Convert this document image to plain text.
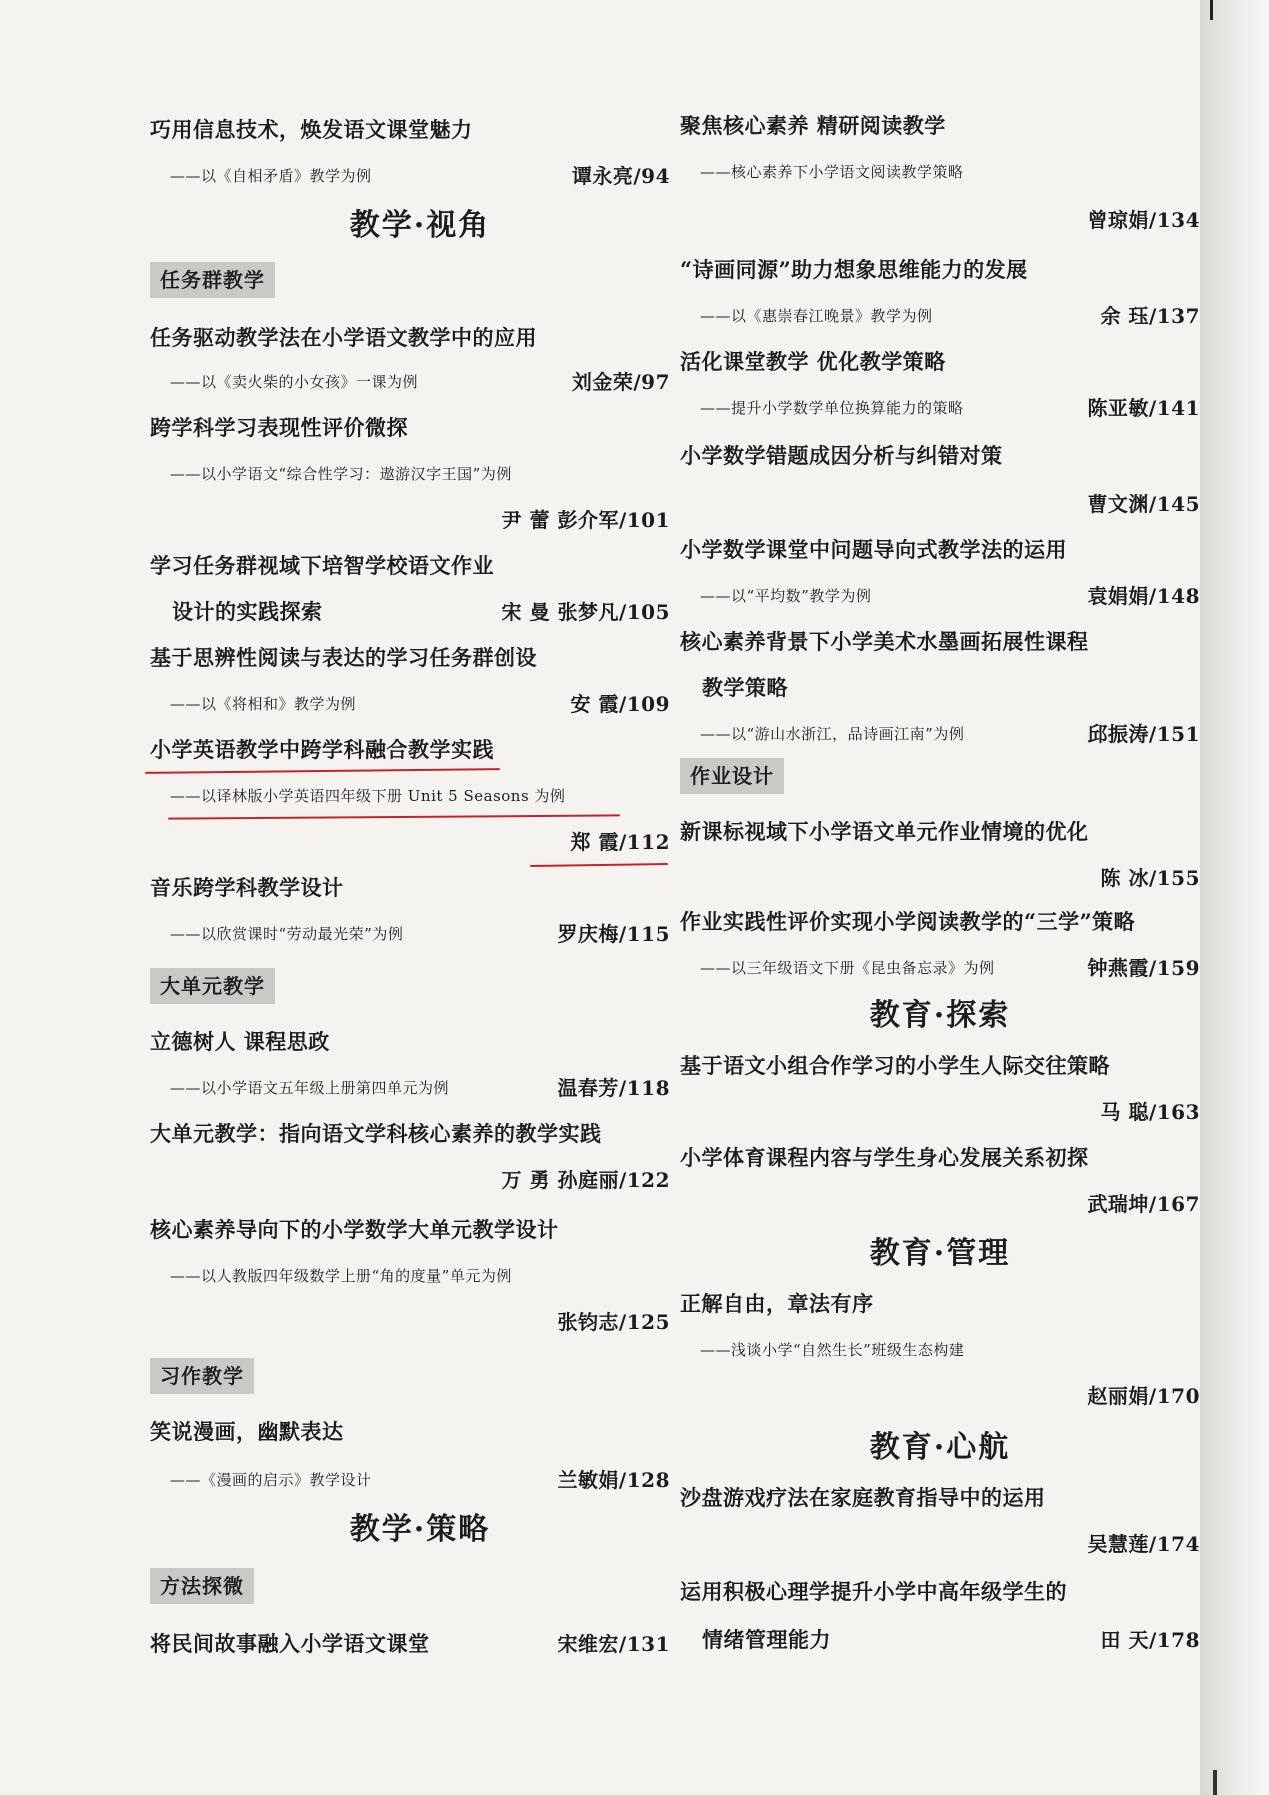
巧用信息技术，焕发语文课堂魅力
——以《自相矛盾》教学为例	谭永亮/94
教学·视角
任务群教学
任务驱动教学法在小学语文教学中的应用
——以《卖火柴的小女孩》一课为例	刘金荣/97
跨学科学习表现性评价微探
——以小学语文“综合性学习：遨游汉字王国”为例
尹 蕾 彭介军/101
学习任务群视域下培智学校语文作业
设计的实践探索	宋 曼 张梦凡/105
基于思辨性阅读与表达的学习任务群创设
——以《将相和》教学为例	安 霞/109
小学英语教学中跨学科融合教学实践
——以译林版小学英语四年级下册 Unit 5 Seasons 为例
郑 霞/112
音乐跨学科教学设计
——以欣赏课时“劳动最光荣”为例	罗庆梅/115
大单元教学
立德树人 课程思政
——以小学语文五年级上册第四单元为例	温春芳/118
大单元教学：指向语文学科核心素养的教学实践
万 勇 孙庭丽/122
核心素养导向下的小学数学大单元教学设计
——以人教版四年级数学上册“角的度量”单元为例
张钧志/125
习作教学
笑说漫画，幽默表达
——《漫画的启示》教学设计	兰敏娟/128
教学·策略
方法探微
将民间故事融入小学语文课堂	宋维宏/131
聚焦核心素养 精研阅读教学
——核心素养下小学语文阅读教学策略
曾琼娟/134
“诗画同源”助力想象思维能力的发展
——以《惠崇春江晚景》教学为例	余 珏/137
活化课堂教学 优化教学策略
——提升小学数学单位换算能力的策略	陈亚敏/141
小学数学错题成因分析与纠错对策
曹文渊/145
小学数学课堂中问题导向式教学法的运用
——以“平均数”教学为例	袁娟娟/148
核心素养背景下小学美术水墨画拓展性课程
教学策略
——以“游山水浙江，品诗画江南”为例	邱振涛/151
作业设计
新课标视域下小学语文单元作业情境的优化
陈 冰/155
作业实践性评价实现小学阅读教学的“三学”策略
——以三年级语文下册《昆虫备忘录》为例	钟燕霞/159
教育·探索
基于语文小组合作学习的小学生人际交往策略
马 聪/163
小学体育课程内容与学生身心发展关系初探
武瑞坤/167
教育·管理
正解自由，章法有序
——浅谈小学“自然生长”班级生态构建
赵丽娟/170
教育·心航
沙盘游戏疗法在家庭教育指导中的运用
吴慧莲/174
运用积极心理学提升小学中高年级学生的
情绪管理能力	田 天/178
